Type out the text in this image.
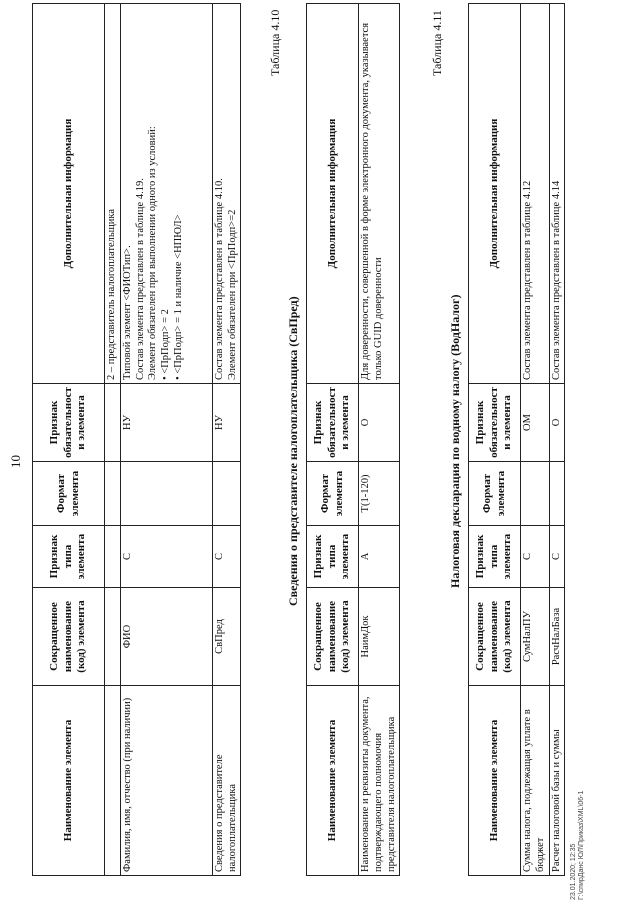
10
Наименование элемента	Сокращенное наименование (код) элемента	Признак типа элемента	Формат элемента	Признак обязательности элемента	Дополнительная информация
					2 – представитель налогоплательщика
Фамилия, имя, отчество (при наличии)	ФИО	С		НУ	Типовой элемент <ФИОТип>. Состав элемента представлен в таблице 4.19. Элемент обязателен при выполнении одного из условий: • <ПрПодп> = 2 • <ПрПодп> = 1 и наличие <НПЮЛ>

Сведения о представителе налогоплательщика	СвПред	С		НУ	Состав элемента представлен в таблице 4.10. Элемент обязателен при <ПрПодп>=2
Таблица 4.10
Сведения о представителе налогоплательщика (СвПред)
Наименование элемента	Сокращенное наименование (код) элемента	Признак типа элемента	Формат элемента	Признак обязательности элемента	Дополнительная информация
Наименование и реквизиты документа, подтверждающего полномочия представителя налогоплательщика	НаимДок	А	Т(1-120)	О	Для доверенности, совершенной в форме электронного документа, указывается только GUID доверенности
Таблица 4.11
Налоговая декларация по водному налогу (ВодНалог)
Наименование элемента	Сокращенное наименование (код) элемента	Признак типа элемента	Формат элемента	Признак обязательности элемента	Дополнительная информация
Сумма налога, подлежащая уплате в бюджет	СумНалПУ	С		ОМ	Состав элемента представлен в таблице 4.12
Расчет налоговой базы и суммы	РасчНалБаза	С		О	Состав элемента представлен в таблице 4.14
23.01.2020; 12:35 Г:\спирДанс ЮЛ\Приказ\XML\06-1
